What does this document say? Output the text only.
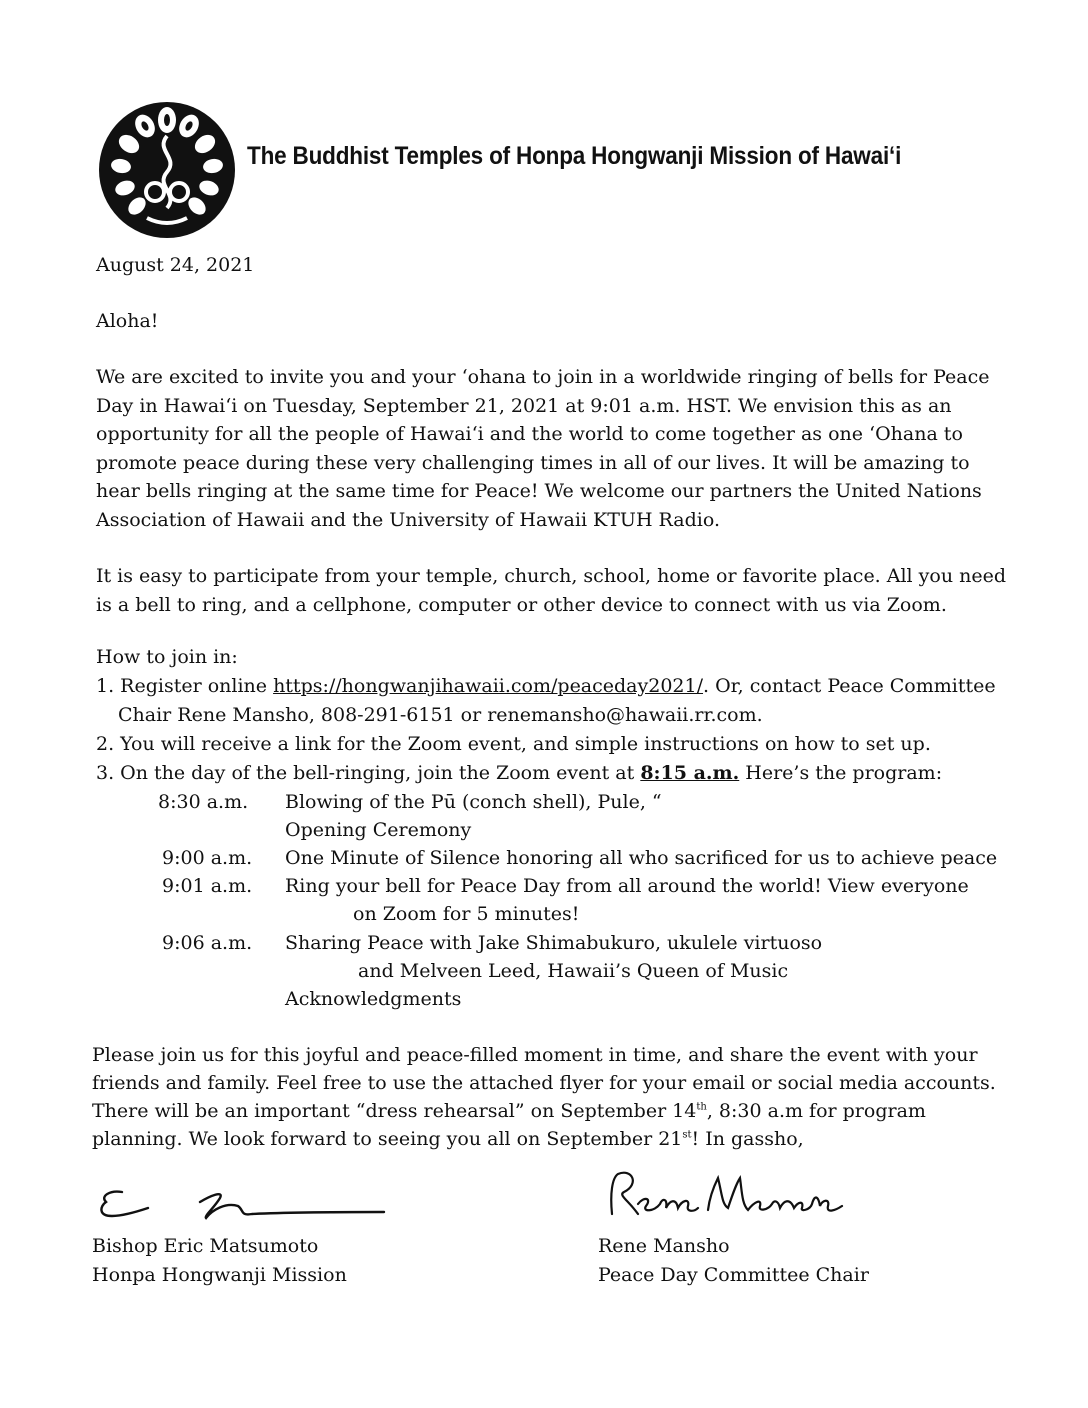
The Buddhist Temples of Honpa Hongwanji Mission of Hawai‘i
August 24, 2021
Aloha!
We are excited to invite you and your ‘ohana to join in a worldwide ringing of bells for Peace
Day in Hawai‘i on Tuesday, September 21, 2021 at 9:01 a.m. HST. We envision this as an
opportunity for all the people of Hawai‘i and the world to come together as one ‘Ohana to
promote peace during these very challenging times in all of our lives. It will be amazing to
hear bells ringing at the same time for Peace! We welcome our partners the United Nations
Association of Hawaii and the University of Hawaii KTUH Radio.
It is easy to participate from your temple, church, school, home or favorite place. All you need
is a bell to ring, and a cellphone, computer or other device to connect with us via Zoom.
How to join in:
1. Register online https://hongwanjihawaii.com/peaceday2021/. Or, contact Peace Committee
Chair Rene Mansho, 808-291-6151 or renemansho@hawaii.rr.com.
2. You will receive a link for the Zoom event, and simple instructions on how to set up.
3. On the day of the bell-ringing, join the Zoom event at 8:15 a.m. Here’s the program:
8:30 a.m. Blowing of the Pū (conch shell), Pule, “
Opening Ceremony
9:00 a.m. One Minute of Silence honoring all who sacrificed for us to achieve peace
9:01 a.m. Ring your bell for Peace Day from all around the world! View everyone
on Zoom for 5 minutes!
9:06 a.m. Sharing Peace with Jake Shimabukuro, ukulele virtuoso
and Melveen Leed, Hawaii’s Queen of Music
Acknowledgments
Please join us for this joyful and peace-filled moment in time, and share the event with your
friends and family. Feel free to use the attached flyer for your email or social media accounts.
There will be an important “dress rehearsal” on September 14th, 8:30 a.m for program
planning. We look forward to seeing you all on September 21st! In gassho,
Bishop Eric Matsumoto
Honpa Hongwanji Mission
Rene Mansho
Peace Day Committee Chair
